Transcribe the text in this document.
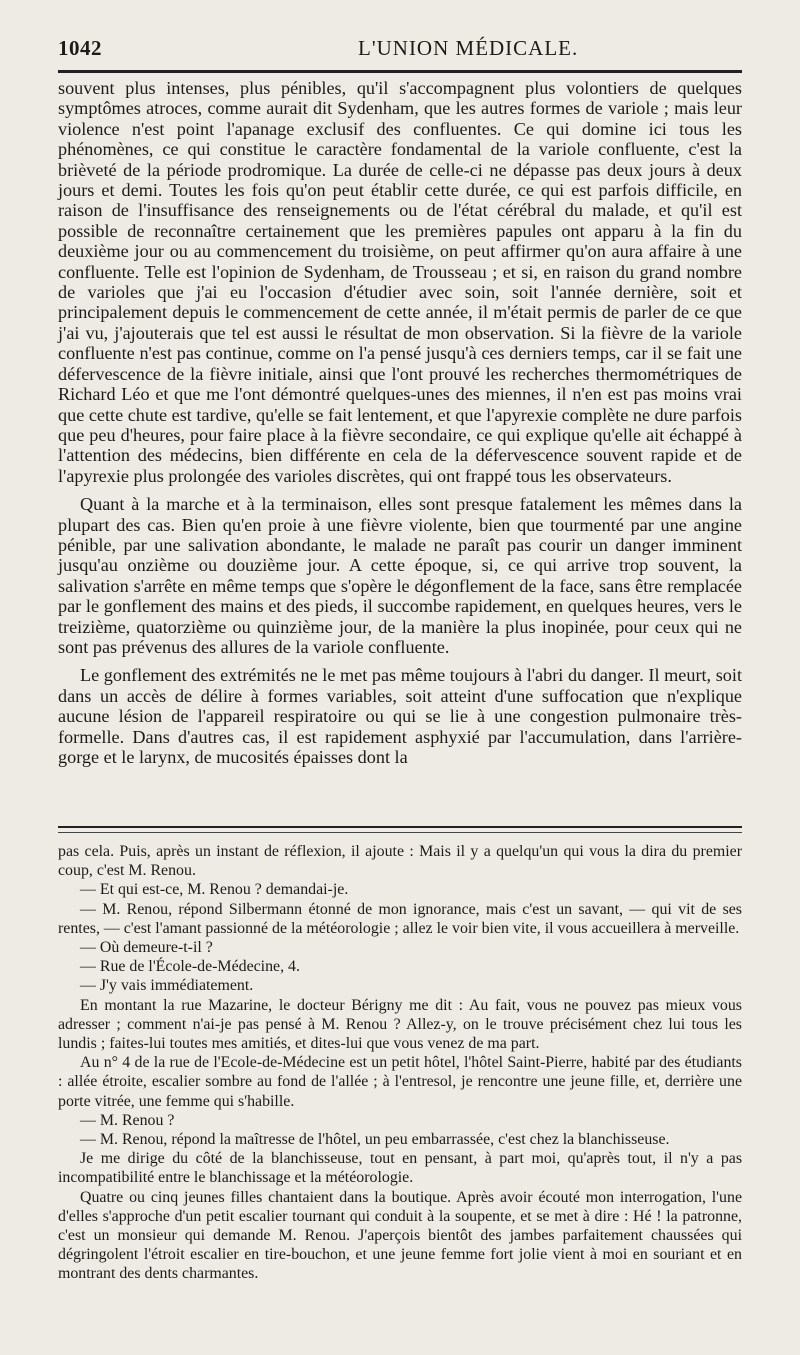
1042	L'UNION MÉDICALE.

souvent plus intenses, plus pénibles, qu'il s'accompagnent plus volontiers de quelques symptômes atroces, comme aurait dit Sydenham, que les autres formes de variole ; mais leur violence n'est point l'apanage exclusif des confluentes. Ce qui domine ici tous les phénomènes, ce qui constitue le caractère fondamental de la variole confluente, c'est la brièveté de la période prodromique. La durée de celle-ci ne dépasse pas deux jours à deux jours et demi. Toutes les fois qu'on peut établir cette durée, ce qui est parfois difficile, en raison de l'insuffisance des renseignements ou de l'état cérébral du malade, et qu'il est possible de reconnaître certainement que les premières papules ont apparu à la fin du deuxième jour ou au commencement du troisième, on peut affirmer qu'on aura affaire à une confluente. Telle est l'opinion de Sydenham, de Trousseau ; et si, en raison du grand nombre de varioles que j'ai eu l'occasion d'étudier avec soin, soit l'année dernière, soit et principalement depuis le commencement de cette année, il m'était permis de parler de ce que j'ai vu, j'ajouterais que tel est aussi le résultat de mon observation. Si la fièvre de la variole confluente n'est pas continue, comme on l'a pensé jusqu'à ces derniers temps, car il se fait une défervescence de la fièvre initiale, ainsi que l'ont prouvé les recherches thermométriques de Richard Léo et que me l'ont démontré quelques-unes des miennes, il n'en est pas moins vrai que cette chute est tardive, qu'elle se fait lentement, et que l'apyrexie complète ne dure parfois que peu d'heures, pour faire place à la fièvre secondaire, ce qui explique qu'elle ait échappé à l'attention des médecins, bien différente en cela de la défervescence souvent rapide et de l'apyrexie plus prolongée des varioles discrètes, qui ont frappé tous les observateurs.

Quant à la marche et à la terminaison, elles sont presque fatalement les mêmes dans la plupart des cas. Bien qu'en proie à une fièvre violente, bien que tourmenté par une angine pénible, par une salivation abondante, le malade ne paraît pas courir un danger imminent jusqu'au onzième ou douzième jour. A cette époque, si, ce qui arrive trop souvent, la salivation s'arrête en même temps que s'opère le dégonflement de la face, sans être remplacée par le gonflement des mains et des pieds, il succombe rapidement, en quelques heures, vers le treizième, quatorzième ou quinzième jour, de la manière la plus inopinée, pour ceux qui ne sont pas prévenus des allures de la variole confluente.

Le gonflement des extrémités ne le met pas même toujours à l'abri du danger. Il meurt, soit dans un accès de délire à formes variables, soit atteint d'une suffocation que n'explique aucune lésion de l'appareil respiratoire ou qui se lie à une congestion pulmonaire très-formelle. Dans d'autres cas, il est rapidement asphyxié par l'accumulation, dans l'arrière-gorge et le larynx, de mucosités épaisses dont la

pas cela. Puis, après un instant de réflexion, il ajoute : Mais il y a quelqu'un qui vous la dira du premier coup, c'est M. Renou.

— Et qui est-ce, M. Renou ? demandai-je.

— M. Renou, répond Silbermann étonné de mon ignorance, mais c'est un savant, — qui vit de ses rentes, — c'est l'amant passionné de la météorologie ; allez le voir bien vite, il vous accueillera à merveille.

— Où demeure-t-il ?

— Rue de l'École-de-Médecine, 4.

— J'y vais immédiatement.

En montant la rue Mazarine, le docteur Bérigny me dit : Au fait, vous ne pouvez pas mieux vous adresser ; comment n'ai-je pas pensé à M. Renou ? Allez-y, on le trouve précisément chez lui tous les lundis ; faites-lui toutes mes amitiés, et dites-lui que vous venez de ma part.

Au n° 4 de la rue de l'Ecole-de-Médecine est un petit hôtel, l'hôtel Saint-Pierre, habité par des étudiants : allée étroite, escalier sombre au fond de l'allée ; à l'entresol, je rencontre une jeune fille, et, derrière une porte vitrée, une femme qui s'habille.

— M. Renou ?

— M. Renou, répond la maîtresse de l'hôtel, un peu embarrassée, c'est chez la blanchisseuse.

Je me dirige du côté de la blanchisseuse, tout en pensant, à part moi, qu'après tout, il n'y a pas incompatibilité entre le blanchissage et la météorologie.

Quatre ou cinq jeunes filles chantaient dans la boutique. Après avoir écouté mon interrogation, l'une d'elles s'approche d'un petit escalier tournant qui conduit à la soupente, et se met à dire : Hé ! la patronne, c'est un monsieur qui demande M. Renou. J'aperçois bientôt des jambes parfaitement chaussées qui dégringolent l'étroit escalier en tire-bouchon, et une jeune femme fort jolie vient à moi en souriant et en montrant des dents charmantes.
